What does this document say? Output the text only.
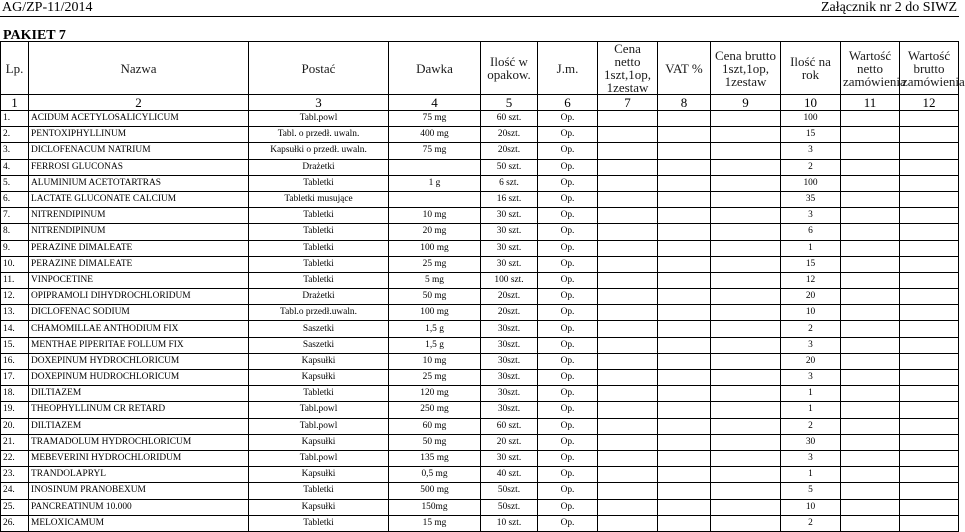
AG/ZP-11/2014	Załącznik nr 2 do SIWZ
PAKIET 7
Lp.	Nazwa	Postać	Dawka	Ilość w opakow.	J.m.	Cena netto 1szt,1op, 1zestaw	VAT %	Cena brutto 1szt,1op, 1zestaw	Ilość na rok	Wartość netto zamówienia	Wartość brutto zamówienia
1	2	3	4	5	6	7	8	9	10	11	12
1.	ACIDUM ACETYLOSALICYLICUM	Tabl.powl	75 mg	60 szt.	Op.				100		
2.	PENTOXIPHYLLINUM	Tabl. o przedł. uwaln.	400 mg	20szt.	Op.				15		
3.	DICLOFENACUM NATRIUM	Kapsułki o przedł. uwaln.	75 mg	20szt.	Op.				3		
4.	FERROSI GLUCONAS	Drażetki		50 szt.	Op.				2		
5.	ALUMINIUM ACETOTARTRAS	Tabletki	1 g	6 szt.	Op.				100		
6.	LACTATE GLUCONATE CALCIUM	Tabletki musujące		16 szt.	Op.				35		
7.	NITRENDIPINUM	Tabletki	10 mg	30 szt.	Op.				3		
8.	NITRENDIPINUM	Tabletki	20 mg	30 szt.	Op.				6		
9.	PERAZINE DIMALEATE	Tabletki	100 mg	30 szt.	Op.				1		
10.	PERAZINE DIMALEATE	Tabletki	25 mg	30 szt.	Op.				15		
11.	VINPOCETINE	Tabletki	5 mg	100 szt.	Op.				12		
12.	OPIPRAMOLI DIHYDROCHLORIDUM	Drażetki	50 mg	20szt.	Op.				20		
13.	DICLOFENAC SODIUM	Tabl.o przedł.uwaln.	100 mg	20szt.	Op.				10		
14.	CHAMOMILLAE ANTHODIUM FIX	Saszetki	1,5 g	30szt.	Op.				2		
15.	MENTHAE PIPERITAE FOLLUM FIX	Saszetki	1,5 g	30szt.	Op.				3		
16.	DOXEPINUM HYDROCHLORICUM	Kapsułki	10 mg	30szt.	Op.				20		
17.	DOXEPINUM HUDROCHLORICUM	Kapsułki	25 mg	30szt.	Op.				3		
18.	DILTIAZEM	Tabletki	120 mg	30szt.	Op.				1		
19.	THEOPHYLLINUM CR RETARD	Tabl.powl	250 mg	30szt.	Op.				1		
20.	DILTIAZEM	Tabl.powl	60 mg	60 szt.	Op.				2		
21.	TRAMADOLUM HYDROCHLORICUM	Kapsułki	50 mg	20 szt.	Op.				30		
22.	MEBEVERINI HYDROCHLORIDUM	Tabl.powl	135 mg	30 szt.	Op.				3		
23.	TRANDOLAPRYL	Kapsułki	0,5 mg	40 szt.	Op.				1		
24.	INOSINUM PRANOBEXUM	Tabletki	500 mg	50szt.	Op.				5		
25.	PANCREATINUM 10.000	Kapsułki	150mg	50szt.	Op.				10		
26.	MELOXICAMUM	Tabletki	15 mg	10 szt.	Op.				2		
